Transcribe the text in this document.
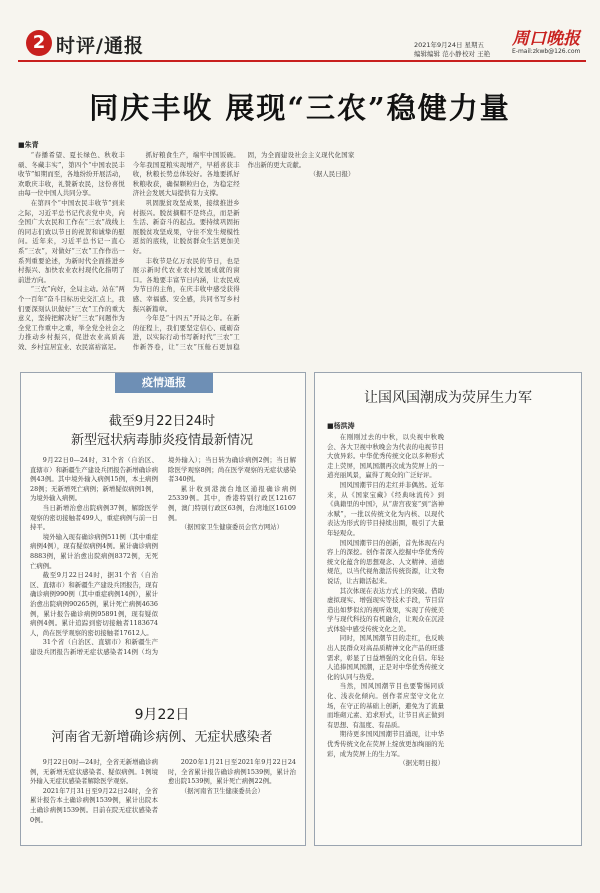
2 时评/通报	2021年9月24日 星期五
编辑编辑 范小静 校对 王艳
周口晚报
E-mail:zkwb@126.com
同庆丰收 展现“三农”稳健力量
■朱青

“春播希望、夏长绿色、秋收丰硕、冬藏丰实”，第四个“中国农民丰收节”如期而至，各地纷纷开展活动，欢歌庆丰收，礼赞新农民，这份喜悦由每一位中国人共同分享。

在第四个“中国农民丰收节”到来之际，习近平总书记代表党中央，向全国广大农民和工作在“三农”战线上的同志们致以节日的祝贺和诚挚的慰问。近年来，习近平总书记一直心系“三农”，对做好“三农”工作作出一系列重要论述，为新时代全面推进乡村振兴、加快农业农村现代化指明了前进方向。

“三农”向好，全局主动。站在“两个一百年”奋斗目标历史交汇点上，我们要深刻认识做好“三农”工作的重大意义，坚持把解决好“三农”问题作为全党工作重中之重，举全党全社会之力推动乡村振兴，促进农业高质高效、乡村宜居宜业、农民富裕富足。

抓好粮食生产，端牢中国饭碗。今年我国夏粮实现增产，早稻喜获丰收，秋粮长势总体较好。各地要抓好秋粮收获，确保颗粒归仓，为稳定经济社会发展大局提供有力支撑。

巩固脱贫攻坚成果，接续推进乡村振兴。脱贫摘帽不是终点，而是新生活、新奋斗的起点。要持续巩固拓展脱贫攻坚成果，守住不发生规模性返贫的底线，让脱贫群众生活更加美好。

丰收节是亿万农民的节日，也是展示新时代农业农村发展成就的窗口。各地要丰富节日内涵，让农民成为节日的主角，在庆丰收中感受获得感、幸福感、安全感，共同书写乡村振兴新篇章。

今年是“十四五”开局之年。在新的征程上，我们要坚定信心、砥砺奋进，以实际行动书写新时代“三农”工作新答卷，让“三农”压舱石更加稳固，为全面建设社会主义现代化国家作出新的更大贡献。

（据人民日报）

疫情通报
截至9月22日24时
新型冠状病毒肺炎疫情最新情况

9月22日0—24时，31个省（自治区、直辖市）和新疆生产建设兵团报告新增确诊病例43例。其中境外输入病例15例，本土病例28例；无新增死亡病例；新增疑似病例1例，为境外输入病例。

当日新增治愈出院病例37例，解除医学观察的密切接触者499人，重症病例与前一日持平。

境外输入现有确诊病例511例（其中重症病例4例），现有疑似病例4例。累计确诊病例8883例，累计治愈出院病例8372例，无死亡病例。

截至9月22日24时，据31个省（自治区、直辖市）和新疆生产建设兵团报告，现有确诊病例990例（其中重症病例14例），累计治愈出院病例90265例，累计死亡病例4636例，累计报告确诊病例95891例，现有疑似病例4例。累计追踪到密切接触者1183674人，尚在医学观察的密切接触者17612人。

31个省（自治区、直辖市）和新疆生产建设兵团报告新增无症状感染者14例（均为境外输入）；当日转为确诊病例2例；当日解除医学观察8例；尚在医学观察的无症状感染者340例。

累计收到港澳台地区通报确诊病例25339例。其中，香港特别行政区12167例，澳门特别行政区63例，台湾地区16109例。

（据国家卫生健康委员会官方网站）

9月22日
河南省无新增确诊病例、无症状感染者

9月22日0时—24时，全省无新增确诊病例，无新增无症状感染者、疑似病例。1例境外输入无症状感染者解除医学观察。

2021年7月31日至9月22日24时，全省累计报告本土确诊病例1539例，累计出院本土确诊病例1539例。目前在院无症状感染者0例。

2020年1月21日至2021年9月22日24时，全省累计报告确诊病例1539例，累计治愈出院1539例，累计死亡病例22例。

（据河南省卫生健康委员会）

让国风国潮成为荧屏生力军
■杨洪涛

在刚刚过去的中秋，以央视中秋晚会、各大卫视中秋晚会为代表的电视节目大放异彩。中华优秀传统文化以多种形式走上荧屏，国风国潮再次成为荧屏上的一道亮丽风景，赢得了观众的广泛好评。

国风国潮节目的走红并非偶然。近年来，从《国家宝藏》《经典咏流传》到《典籍里的中国》，从“唐宫夜宴”到“洛神水赋”，一批以传统文化为内核、以现代表达为形式的节目持续出圈，吸引了大量年轻观众。

国风国潮节目的创新，首先体现在内容上的深挖。创作者深入挖掘中华优秀传统文化蕴含的思想观念、人文精神、道德规范，以当代视角激活传统资源，让文物说话，让古籍活起来。

其次体现在表达方式上的突破。借助虚拟现实、增强现实等技术手段，节目营造出如梦似幻的视听效果，实现了传统美学与现代科技的有机融合，让观众在沉浸式体验中感受传统文化之美。

同时，国风国潮节目的走红，也反映出人民群众对高品质精神文化产品的旺盛需求，彰显了日益增强的文化自信。年轻人追捧国风国潮，正是对中华优秀传统文化的认同与热爱。

当然，国风国潮节目也要警惕同质化、浅表化倾向。创作者应坚守文化立场，在守正的基础上创新，避免为了流量而堆砌元素、追求形式，让节目真正做到有思想、有温度、有品质。

期待更多国风国潮节目涌现，让中华优秀传统文化在荧屏上绽放更加绚丽的光彩，成为荧屏上的生力军。

（据光明日报）
